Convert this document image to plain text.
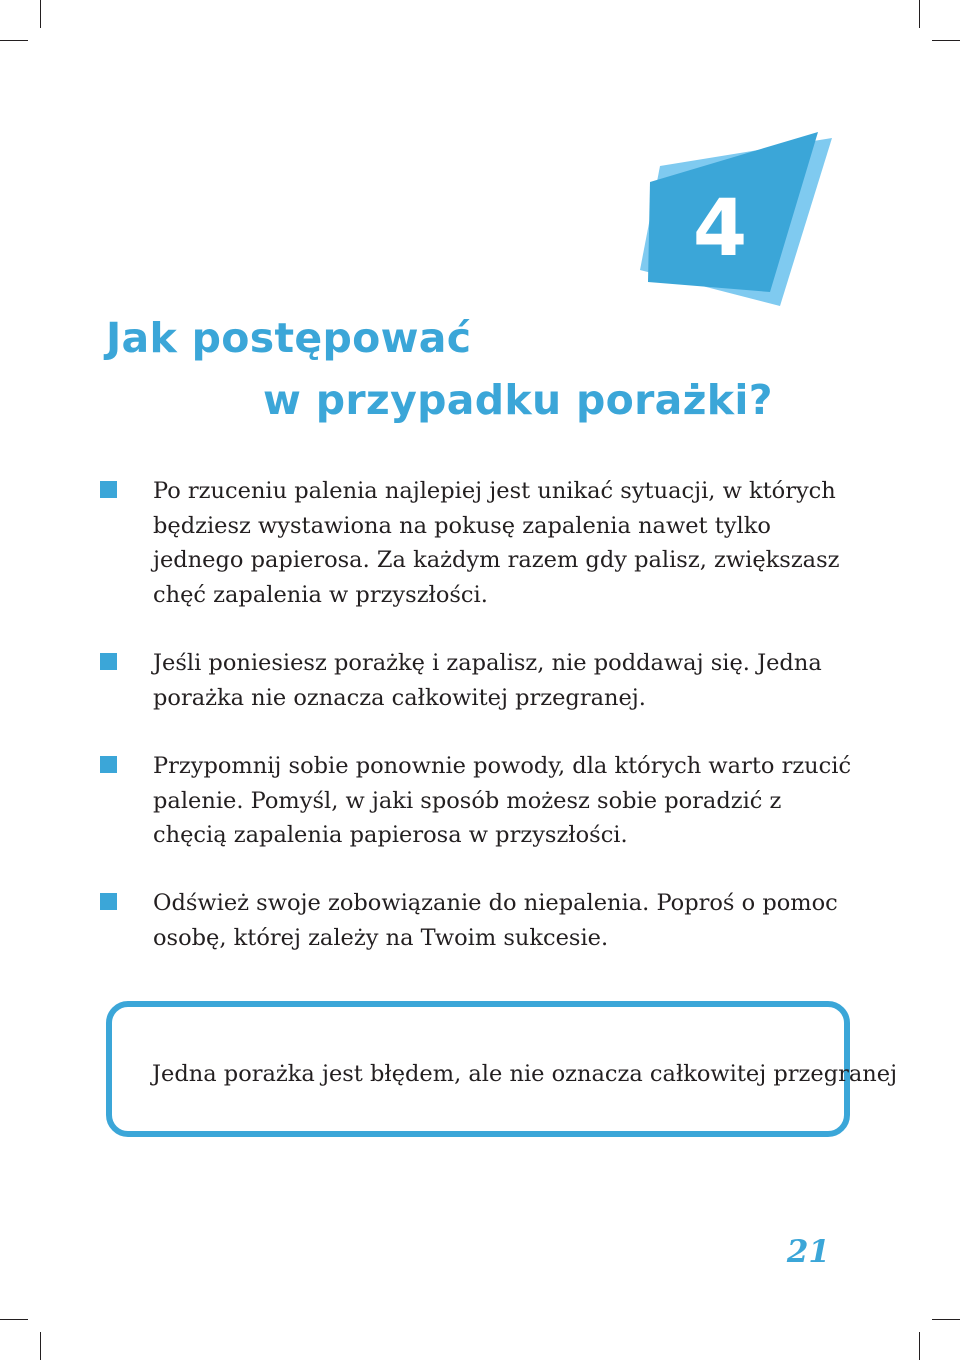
4
Jak postępować
w przypadku porażki?
Po rzuceniu palenia najlepiej jest unikać sytuacji, w których będziesz wystawiona na pokusę zapalenia nawet tylko jednego papierosa. Za każdym razem gdy palisz, zwiększasz chęć zapalenia w przyszłości.
Jeśli poniesiesz porażkę i zapalisz, nie poddawaj się. Jedna porażka nie oznacza całkowitej przegranej.
Przypomnij sobie ponownie powody, dla których warto rzucić palenie. Pomyśl, w jaki sposób możesz sobie poradzić z chęcią zapalenia papierosa w przyszłości.
Odśwież swoje zobowiązanie do niepalenia. Poproś o pomoc osobę, której zależy na Twoim sukcesie.
Jedna porażka jest błędem, ale nie oznacza całkowitej przegranej
21
